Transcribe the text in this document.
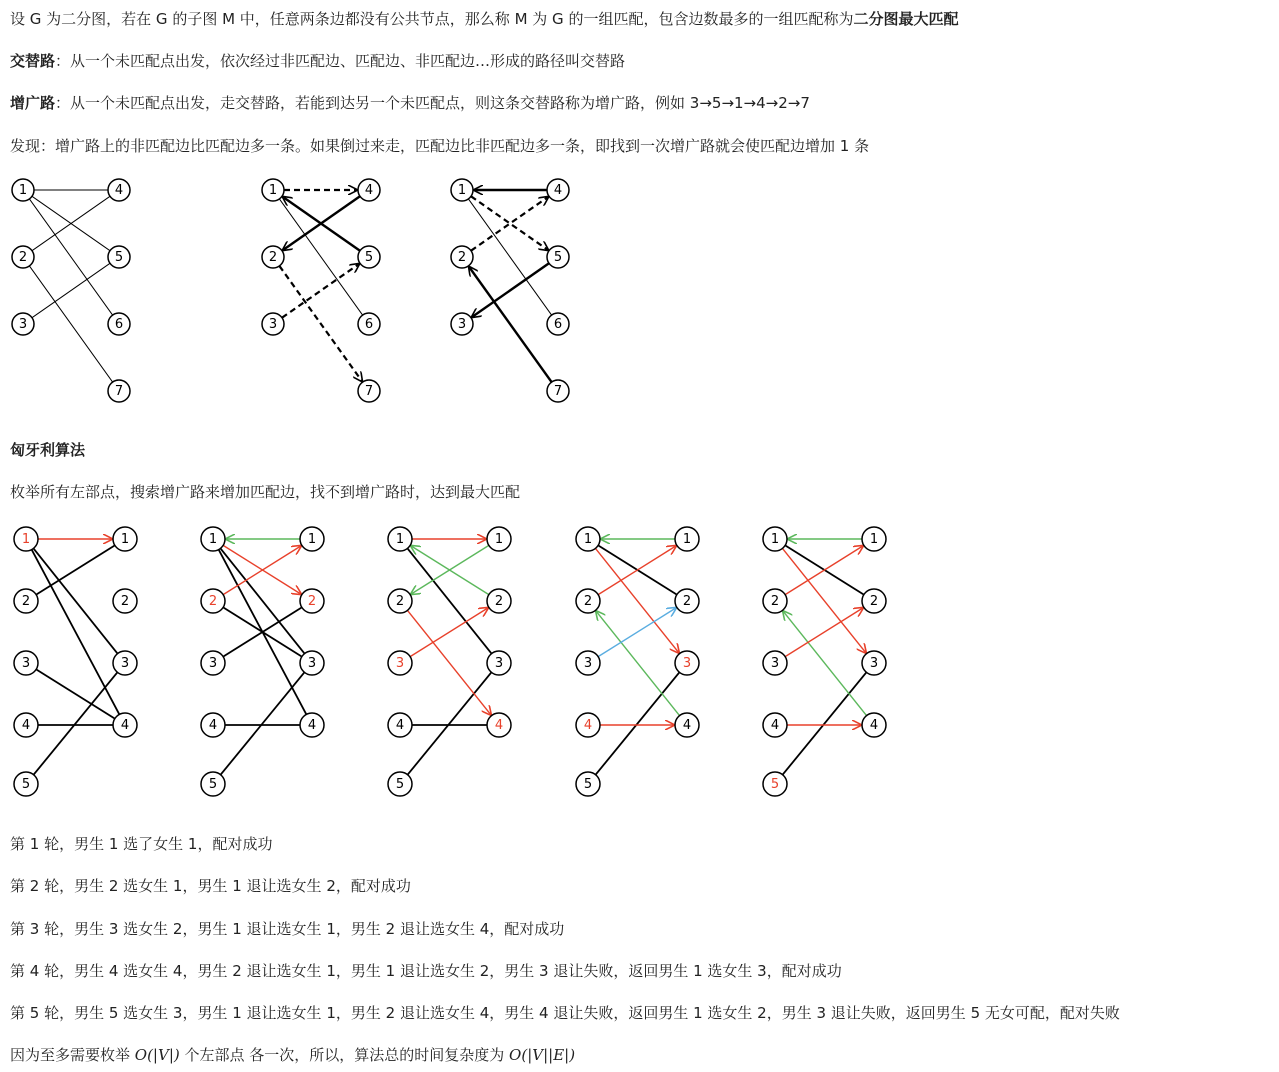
设 G 为二分图，若在 G 的子图 M 中，任意两条边都没有公共节点，那么称 M 为 G 的一组匹配，包含边数最多的一组匹配称为二分图最大匹配
交替路：从一个未匹配点出发，依次经过非匹配边、匹配边、非匹配边…形成的路径叫交替路
增广路：从一个未匹配点出发，走交替路，若能到达另一个未匹配点，则这条交替路称为增广路，例如 3→5→1→4→2→7
发现：增广路上的非匹配边比匹配边多一条。如果倒过来走，匹配边比非匹配边多一条，即找到一次增广路就会使匹配边增加 1 条
1
2
3
4
5
6
7
1
2
3
4
5
6
7
1
2
3
4
5
6
7
匈牙利算法
枚举所有左部点，搜索增广路来增加匹配边，找不到增广路时，达到最大匹配
1
2
3
4
5
1
2
3
4
1
2
3
4
5
1
2
3
4
1
2
3
4
5
1
2
3
4
1
2
3
4
5
1
2
3
4
1
2
3
4
5
1
2
3
4
第 1 轮，男生 1 选了女生 1，配对成功
第 2 轮，男生 2 选女生 1，男生 1 退让选女生 2，配对成功
第 3 轮，男生 3 选女生 2，男生 1 退让选女生 1，男生 2 退让选女生 4，配对成功
第 4 轮，男生 4 选女生 4，男生 2 退让选女生 1，男生 1 退让选女生 2，男生 3 退让失败，返回男生 1 选女生 3，配对成功
第 5 轮，男生 5 选女生 3，男生 1 退让选女生 1，男生 2 退让选女生 4，男生 4 退让失败，返回男生 1 选女生 2，男生 3 退让失败，返回男生 5 无女可配，配对失败
因为至多需要枚举 O(|V|) 个左部点 各一次，所以，算法总的时间复杂度为 O(|V||E|)
